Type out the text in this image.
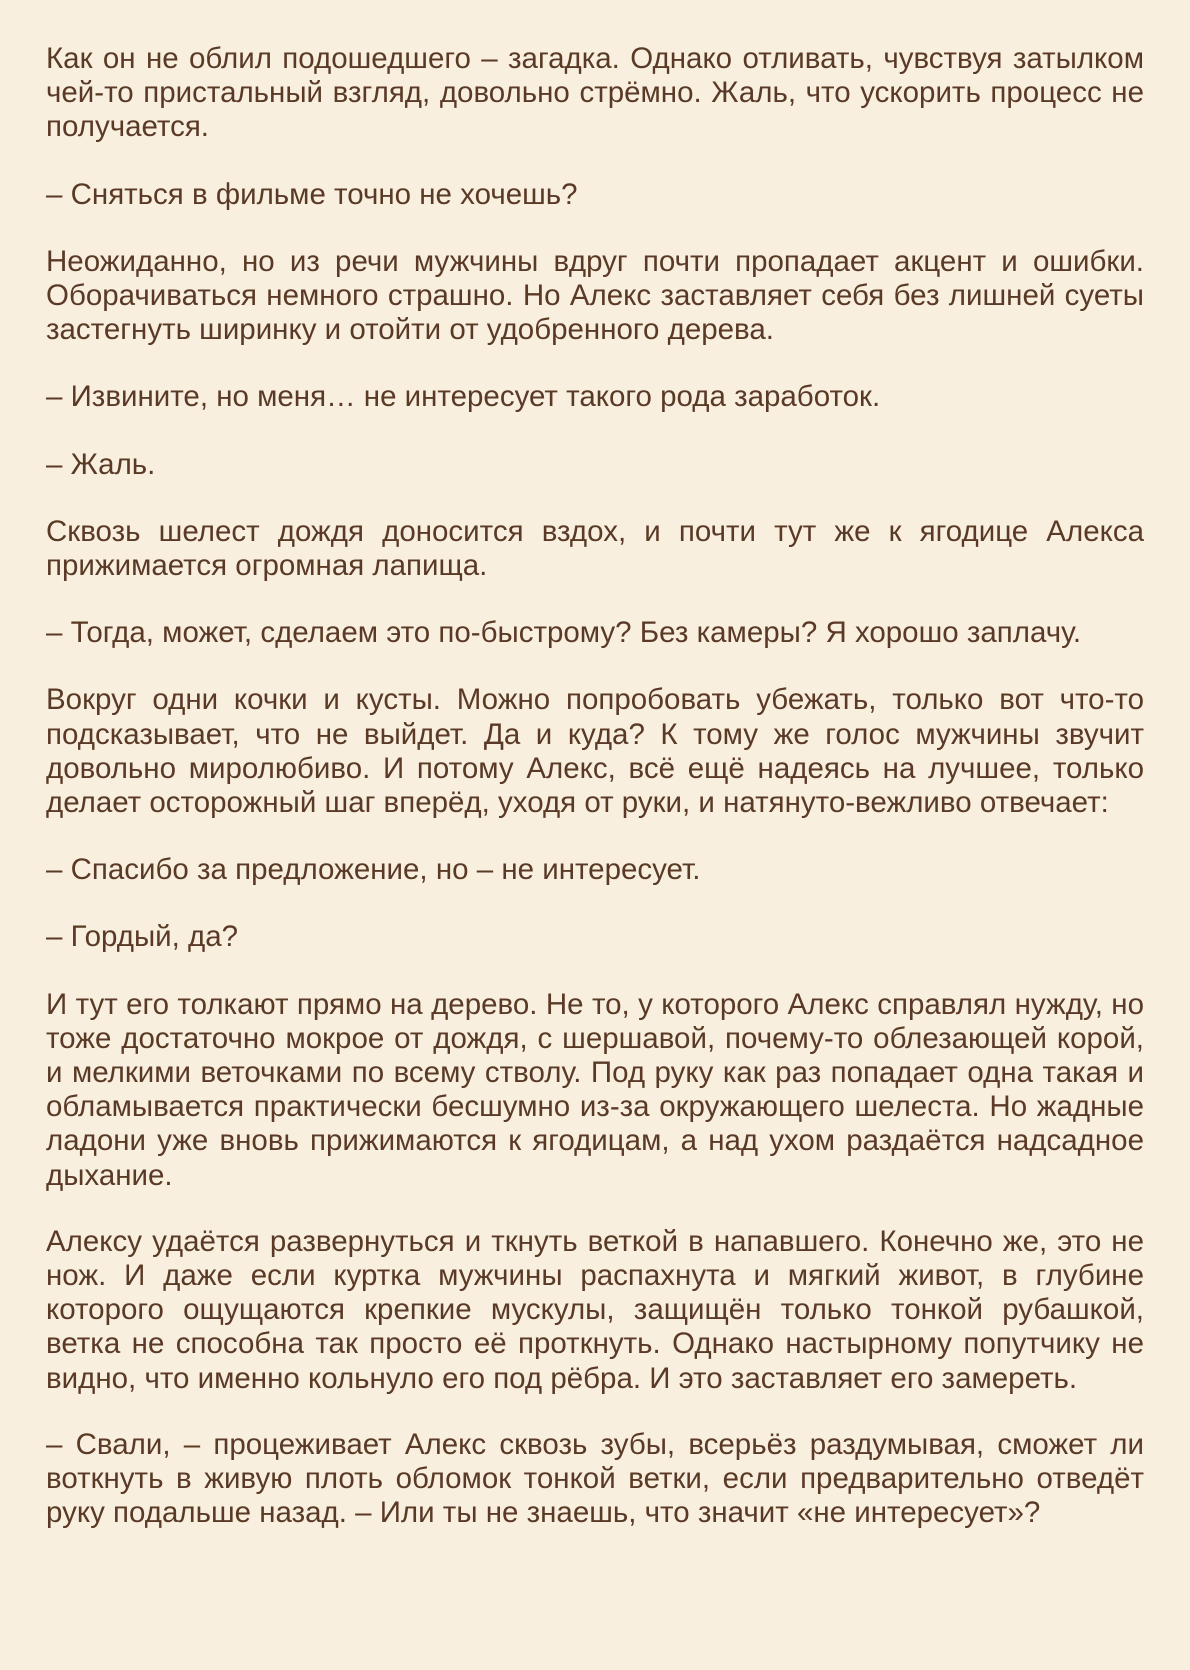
Как он не облил подошедшего – загадка. Однако отливать, чувствуя затылком чей-то пристальный взгляд, довольно стрёмно. Жаль, что ускорить процесс не получается.

– Сняться в фильме точно не хочешь?

Неожиданно, но из речи мужчины вдруг почти пропадает акцент и ошибки. Оборачиваться немного страшно. Но Алекс заставляет себя без лишней суеты застегнуть ширинку и отойти от удобренного дерева.

– Извините, но меня… не интересует такого рода заработок.

– Жаль.

Сквозь шелест дождя доносится вздох, и почти тут же к ягодице Алекса прижимается огромная лапища.

– Тогда, может, сделаем это по-быстрому? Без камеры? Я хорошо заплачу.

Вокруг одни кочки и кусты. Можно попробовать убежать, только вот что-то подсказывает, что не выйдет. Да и куда? К тому же голос мужчины звучит довольно миролюбиво. И потому Алекс, всё ещё надеясь на лучшее, только делает осторожный шаг вперёд, уходя от руки, и натянуто-вежливо отвечает:

– Спасибо за предложение, но – не интересует.

– Гордый, да?

И тут его толкают прямо на дерево. Не то, у которого Алекс справлял нужду, но тоже достаточно мокрое от дождя, с шершавой, почему-то облезающей корой, и мелкими веточками по всему стволу. Под руку как раз попадает одна такая и обламывается практически бесшумно из-за окружающего шелеста. Но жадные ладони уже вновь прижимаются к ягодицам, а над ухом раздаётся надсадное дыхание.

Алексу удаётся развернуться и ткнуть веткой в напавшего. Конечно же, это не нож. И даже если куртка мужчины распахнута и мягкий живот, в глубине которого ощущаются крепкие мускулы, защищён только тонкой рубашкой, ветка не способна так просто её проткнуть. Однако настырному попутчику не видно, что именно кольнуло его под рёбра. И это заставляет его замереть.

– Свали, – процеживает Алекс сквозь зубы, всерьёз раздумывая, сможет ли воткнуть в живую плоть обломок тонкой ветки, если предварительно отведёт руку подальше назад. – Или ты не знаешь, что значит «не интересует»?
